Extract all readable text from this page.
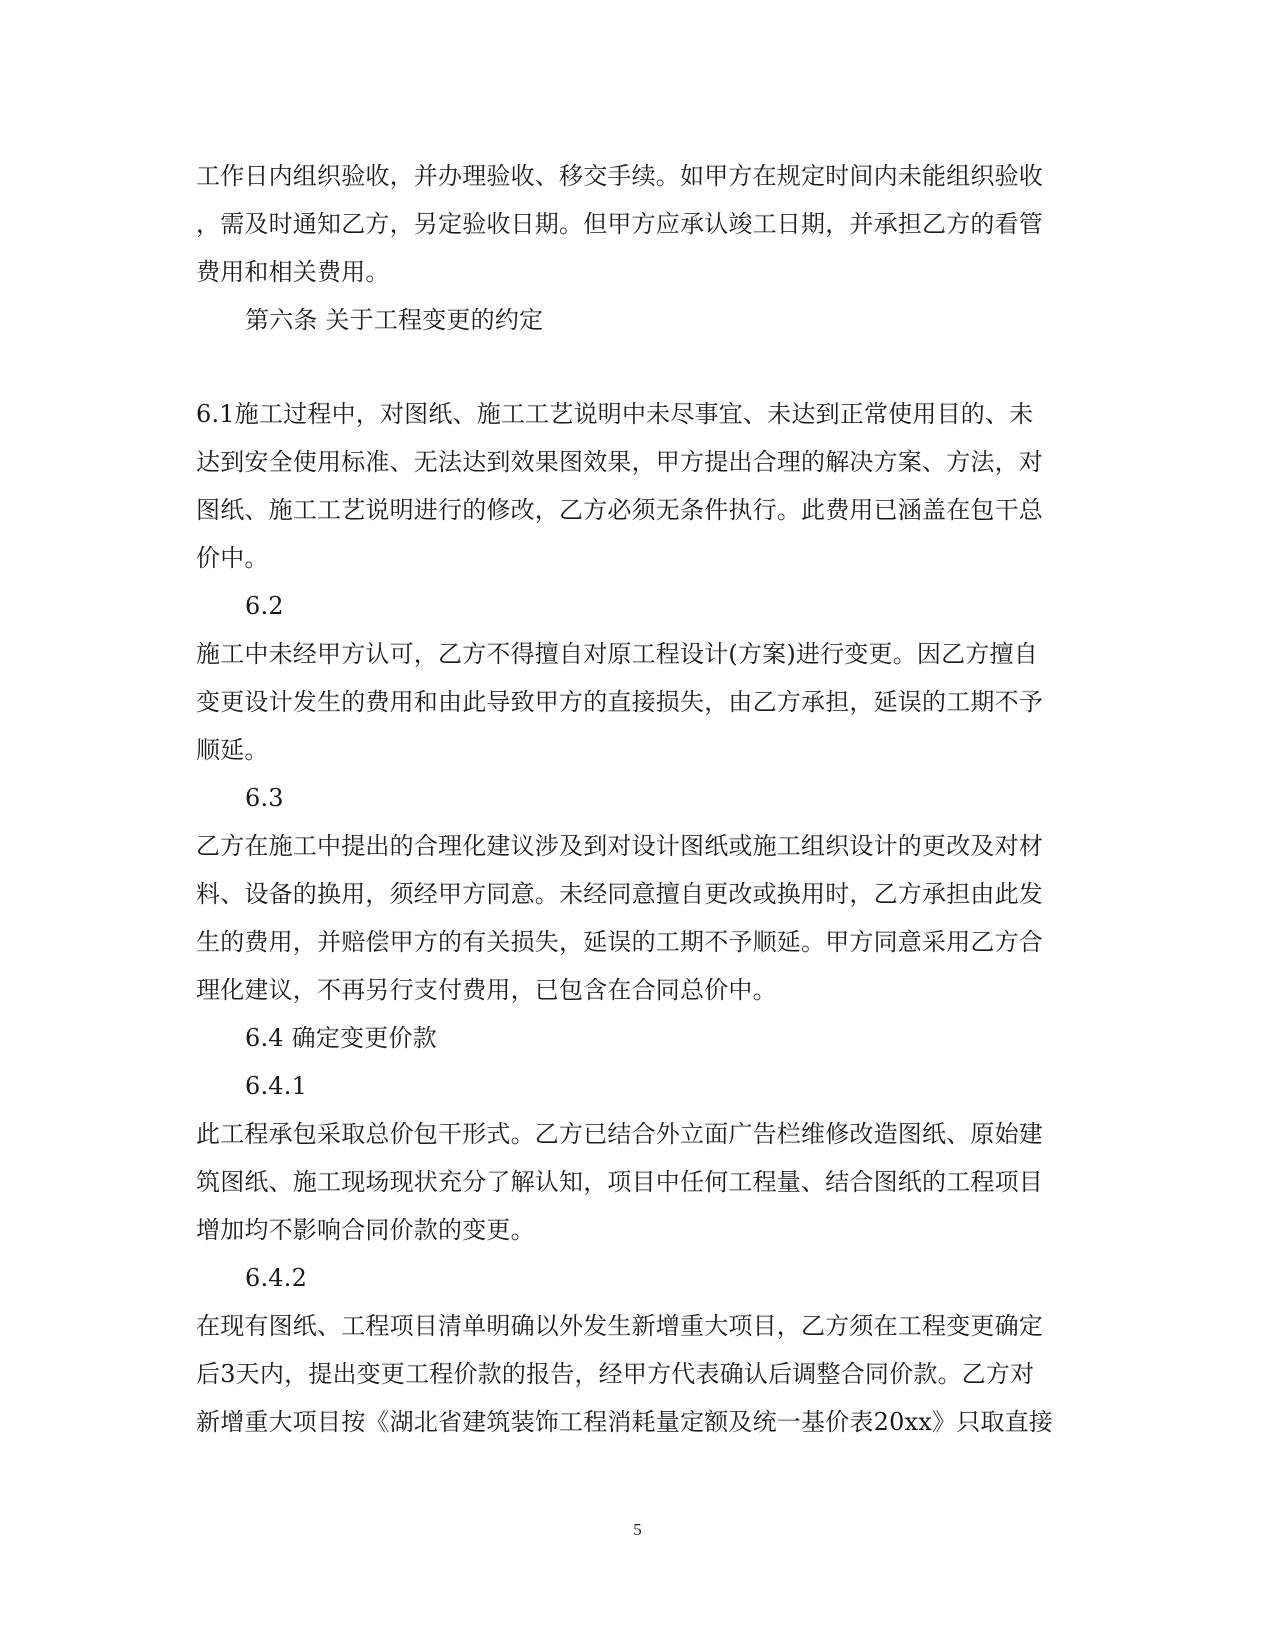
工作日内组织验收，并办理验收、移交手续。如甲方在规定时间内未能组织验收
，需及时通知乙方，另定验收日期。但甲方应承认竣工日期，并承担乙方的看管
费用和相关费用。
第六条 关于工程变更的约定
6.1施工过程中，对图纸、施工工艺说明中未尽事宜、未达到正常使用目的、未
达到安全使用标准、无法达到效果图效果，甲方提出合理的解决方案、方法，对
图纸、施工工艺说明进行的修改，乙方必须无条件执行。此费用已涵盖在包干总
价中。
6.2
施工中未经甲方认可，乙方不得擅自对原工程设计(方案)进行变更。因乙方擅自
变更设计发生的费用和由此导致甲方的直接损失，由乙方承担，延误的工期不予
顺延。
6.3
乙方在施工中提出的合理化建议涉及到对设计图纸或施工组织设计的更改及对材
料、设备的换用，须经甲方同意。未经同意擅自更改或换用时，乙方承担由此发
生的费用，并赔偿甲方的有关损失，延误的工期不予顺延。甲方同意采用乙方合
理化建议，不再另行支付费用，已包含在合同总价中。
6.4 确定变更价款
6.4.1
此工程承包采取总价包干形式。乙方已结合外立面广告栏维修改造图纸、原始建
筑图纸、施工现场现状充分了解认知，项目中任何工程量、结合图纸的工程项目
增加均不影响合同价款的变更。
6.4.2
在现有图纸、工程项目清单明确以外发生新增重大项目，乙方须在工程变更确定
后3天内，提出变更工程价款的报告，经甲方代表确认后调整合同价款。乙方对
新增重大项目按《湖北省建筑装饰工程消耗量定额及统一基价表20xx》只取直接
5
